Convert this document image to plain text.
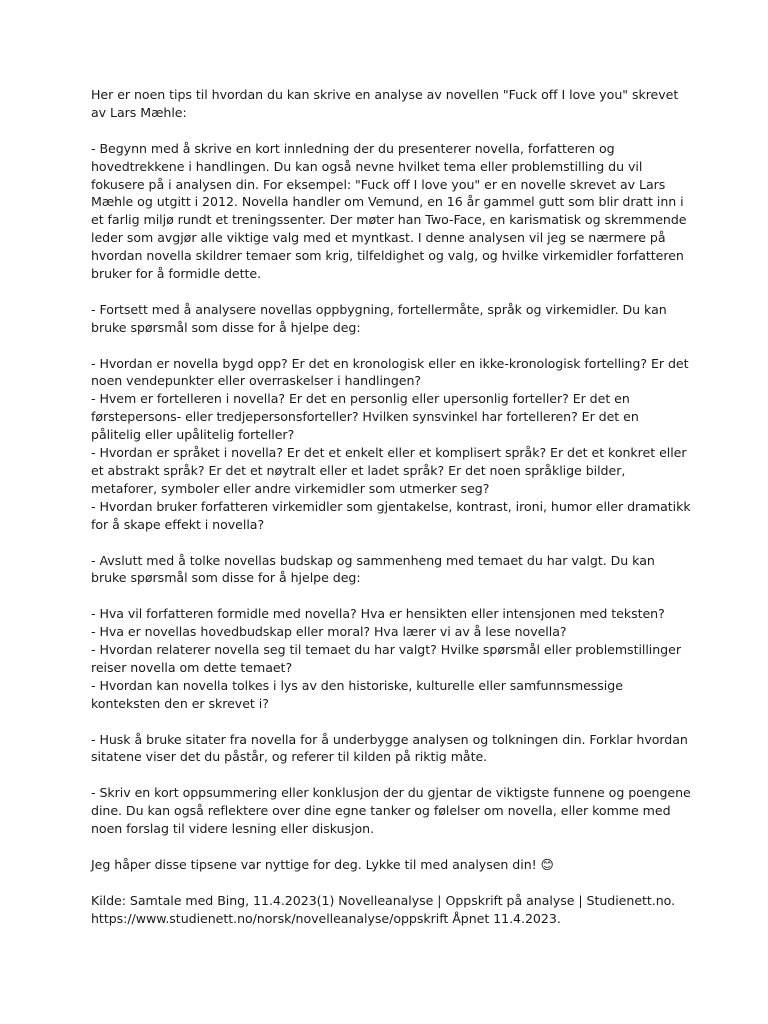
Her er noen tips til hvordan du kan skrive en analyse av novellen "Fuck off I love you" skrevet av Lars Mæhle:

- Begynn med å skrive en kort innledning der du presenterer novella, forfatteren og hovedtrekkene i handlingen. Du kan også nevne hvilket tema eller problemstilling du vil fokusere på i analysen din. For eksempel: "Fuck off I love you" er en novelle skrevet av Lars Mæhle og utgitt i 2012. Novella handler om Vemund, en 16 år gammel gutt som blir dratt inn i et farlig miljø rundt et treningssenter. Der møter han Two-Face, en karismatisk og skremmende leder som avgjør alle viktige valg med et myntkast. I denne analysen vil jeg se nærmere på hvordan novella skildrer temaer som krig, tilfeldighet og valg, og hvilke virkemidler forfatteren bruker for å formidle dette.

- Fortsett med å analysere novellas oppbygning, fortellermåte, språk og virkemidler. Du kan bruke spørsmål som disse for å hjelpe deg:

- Hvordan er novella bygd opp? Er det en kronologisk eller en ikke-kronologisk fortelling? Er det noen vendepunkter eller overraskelser i handlingen?

- Hvem er fortelleren i novella? Er det en personlig eller upersonlig forteller? Er det en førstepersons- eller tredjepersonsforteller? Hvilken synsvinkel har fortelleren? Er det en pålitelig eller upålitelig forteller?

- Hvordan er språket i novella? Er det et enkelt eller et komplisert språk? Er det et konkret eller et abstrakt språk? Er det et nøytralt eller et ladet språk? Er det noen språklige bilder, metaforer, symboler eller andre virkemidler som utmerker seg?

- Hvordan bruker forfatteren virkemidler som gjentakelse, kontrast, ironi, humor eller dramatikk for å skape effekt i novella?

- Avslutt med å tolke novellas budskap og sammenheng med temaet du har valgt. Du kan bruke spørsmål som disse for å hjelpe deg:

- Hva vil forfatteren formidle med novella? Hva er hensikten eller intensjonen med teksten?

- Hva er novellas hovedbudskap eller moral? Hva lærer vi av å lese novella?

- Hvordan relaterer novella seg til temaet du har valgt? Hvilke spørsmål eller problemstillinger reiser novella om dette temaet?

- Hvordan kan novella tolkes i lys av den historiske, kulturelle eller samfunnsmessige konteksten den er skrevet i?

- Husk å bruke sitater fra novella for å underbygge analysen og tolkningen din. Forklar hvordan sitatene viser det du påstår, og referer til kilden på riktig måte.

- Skriv en kort oppsummering eller konklusjon der du gjentar de viktigste funnene og poengene dine. Du kan også reflektere over dine egne tanker og følelser om novella, eller komme med noen forslag til videre lesning eller diskusjon.

Jeg håper disse tipsene var nyttige for deg. Lykke til med analysen din! 😊

Kilde: Samtale med Bing, 11.4.2023(1) Novelleanalyse | Oppskrift på analyse | Studienett.no.

https://www.studienett.no/norsk/novelleanalyse/oppskrift Åpnet 11.4.2023.
